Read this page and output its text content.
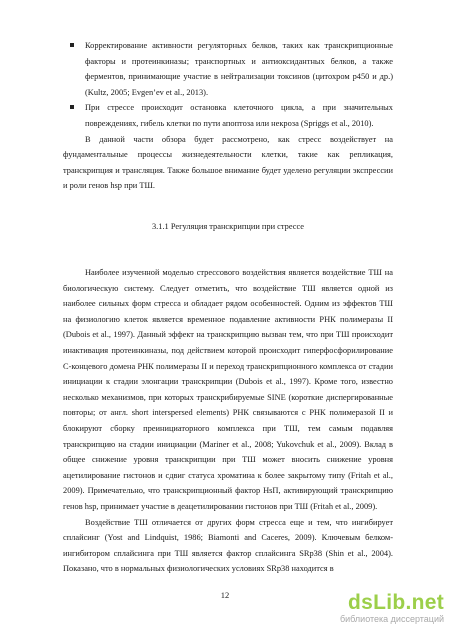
Корректирование активности регуляторных белков, таких как транскрипционные факторы и протеинкиназы; транспортных и антиоксидантных белков, а также ферментов, принимающие участие в нейтрализации токсинов (цитохром р450 и др.) (Kultz, 2005; Evgen’ev et al., 2013).
При стрессе происходит остановка клеточного цикла, а при значительных повреждениях, гибель клетки по пути апоптоза или некроза (Spriggs et al., 2010).
В данной части обзора будет рассмотрено, как стресс воздействует на фундаментальные процессы жизнедеятельности клетки, такие как репликация, транскрипция и трансляция. Также большое внимание будет уделено регуляции экспрессии и роли генов hsp при ТШ.
3.1.1 Регуляция транскрипции при стрессе
Наиболее изученной моделью стрессового воздействия является воздействие ТШ на биологическую систему. Следует отметить, что воздействие ТШ является одной из наиболее сильных форм стресса и обладает рядом особенностей. Одним из эффектов ТШ на физиологию клеток является временное подавление активности РНК полимеразы II (Dubois et al., 1997). Данный эффект на транскрипцию вызван тем, что при ТШ происходит инактивация протеинкиназы, под действием которой происходит гиперфосфорилирование С-концевого домена РНК полимеразы II и переход транскрипционного комплекса от стадии инициации к стадии элонгации транскрипции (Dubois et al., 1997). Кроме того, известно несколько механизмов, при которых транскрибируемые SINE (короткие диспергированные повторы; от англ. short interspersed elements) РНК связываются с РНК полимеразой II и блокируют сборку преинициаторного комплекса при ТШ, тем самым подавляя транскрипцию на стадии инициации (Mariner et al., 2008; Yukovchuk et al., 2009). Вклад в общее снижение уровня транскрипции при ТШ может вносить снижение уровня ацетилирование гистонов и сдвиг статуса хроматина к более закрытому типу (Fritah et al., 2009). Примечательно, что транскрипционный фактор HsΠ, активирующий транскрипцию генов hsp, принимает участие в деацетилировании гистонов при ТШ (Fritah et al., 2009).
Воздействие ТШ отличается от других форм стресса еще и тем, что ингибирует сплайсинг (Yost and Lindquist, 1986; Biamonti and Caceres, 2009). Ключевым белком-ингибитором сплайсинга при ТШ является фактор сплайсинга SRp38 (Shin et al., 2004). Показано, что в нормальных физиологических условиях SRp38 находится в
12	dsLib.net
библиотека диссертаций
